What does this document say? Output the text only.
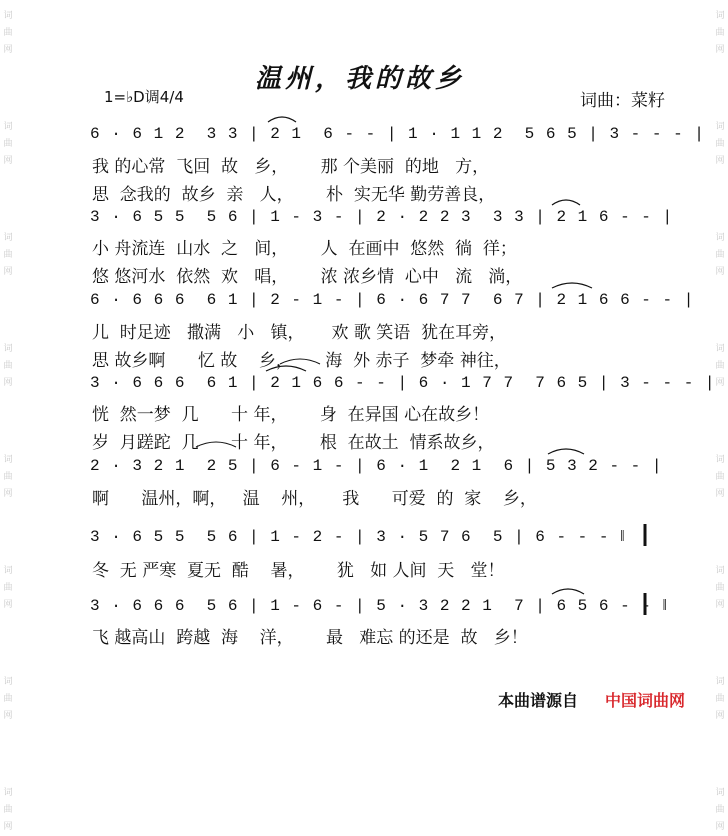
词曲网
词曲网
词曲网
词曲网
词曲网
词曲网
词曲网
词曲网
词曲网
词曲网
词曲网
词曲网
词曲网
词曲网
词曲网
词曲网
温州，我的故乡
1=♭D调4/4	词曲：菜籽
6 · 6 1 2  3 3 | 2 1  6 - - | 1 · 1 1 2  5 6 5 | 3 - - - |
我 的心常  飞回  故   乡，      那 个美丽  的地   方，
思  念我的  故乡  亲   人，      朴  实无华 勤劳善良，
3 · 6 5 5  5 6 | 1 - 3 - | 2 · 2 2 3  3 3 | 2 1 6 - - |
小 舟流连  山水  之   间，      人  在画中  悠然  徜  徉；
悠 悠河水  依然  欢   唱，      浓 浓乡情  心中   流   淌，
6 · 6 6 6  6 1 | 2 - 1 - | 6 · 6 7 7  6 7 | 2 1 6 6 - - |
儿  时足迹   撒满   小   镇，     欢 歌 笑语  犹在耳旁，
思 故乡啊      忆 故    乡，      海  外 赤子  梦牵 神往，
3 · 6 6 6  6 1 | 2 1 6 6 - - | 6 · 1 7 7  7 6 5 | 3 - - - |
恍  然一梦  几      十 年，      身  在异国 心在故乡！
岁  月蹉跎  几      十 年，      根  在故土  情系故乡，
2 · 3 2 1  2 5 | 6 - 1 - | 6 · 1  2 1  6 | 5 3 2 - - |
啊      温州，啊，   温    州，     我      可爱  的  家    乡，
3 · 6 5 5  5 6 | 1 - 2 - | 3 · 5 7 6  5 | 6 - - - ‖
冬  无 严寒  夏无  酷    暑，      犹   如 人间  天   堂！
3 · 6 6 6  5 6 | 1 - 6 - | 5 · 3 2 2 1  7 | 6 5 6 - - ‖
飞 越高山  跨越  海    洋，      最   难忘 的还是  故   乡！
本曲谱源自 中国词曲网
